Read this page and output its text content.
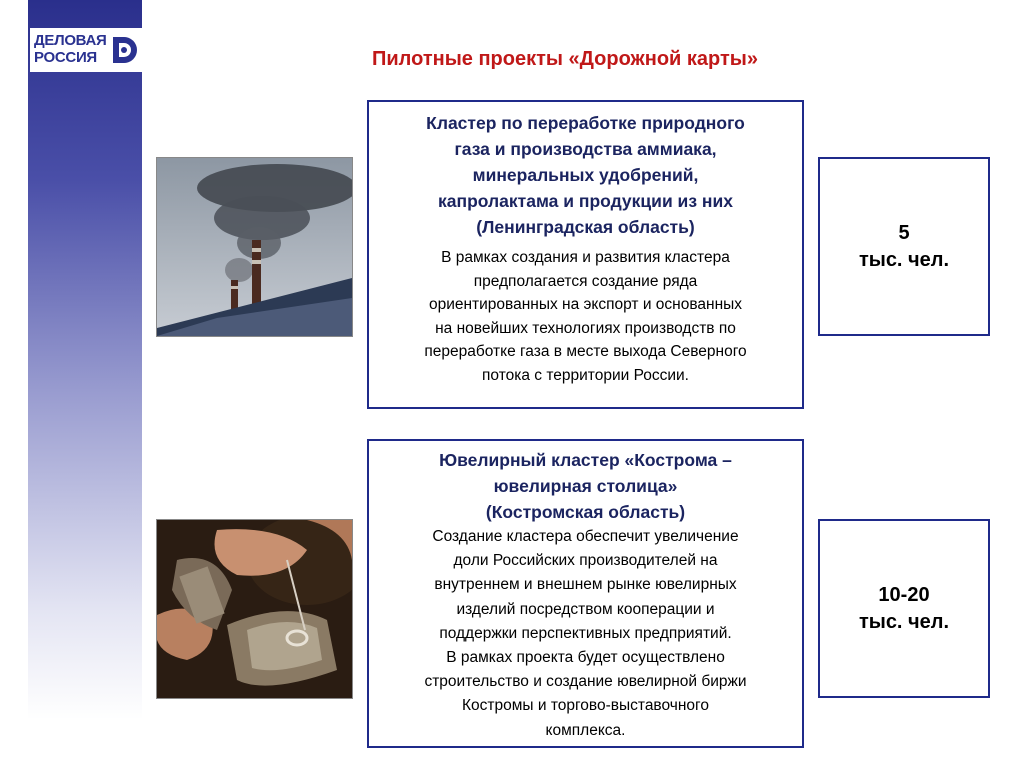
ДЕЛОВАЯ
РОССИЯ	Пилотные проекты «Дорожной карты»
Кластер по переработке природного
газа и производства аммиака,
минеральных удобрений,
капролактама и продукции из них
(Ленинградская область)
В рамках создания и развития кластера
предполагается создание ряда
ориентированных на экспорт и основанных
на новейших технологиях производств по
переработке газа в месте выхода Северного
потока с территории России.
Ювелирный кластер «Кострома –
ювелирная столица»
(Костромская область)
Создание кластера обеспечит увеличение
доли Российских производителей на
внутреннем и внешнем рынке ювелирных
изделий посредством кооперации и
поддержки перспективных предприятий.
В рамках проекта будет осуществлено
строительство и создание ювелирной биржи
Костромы и торгово-выставочного
комплекса.
5
тыс. чел.
10-20
тыс. чел.
